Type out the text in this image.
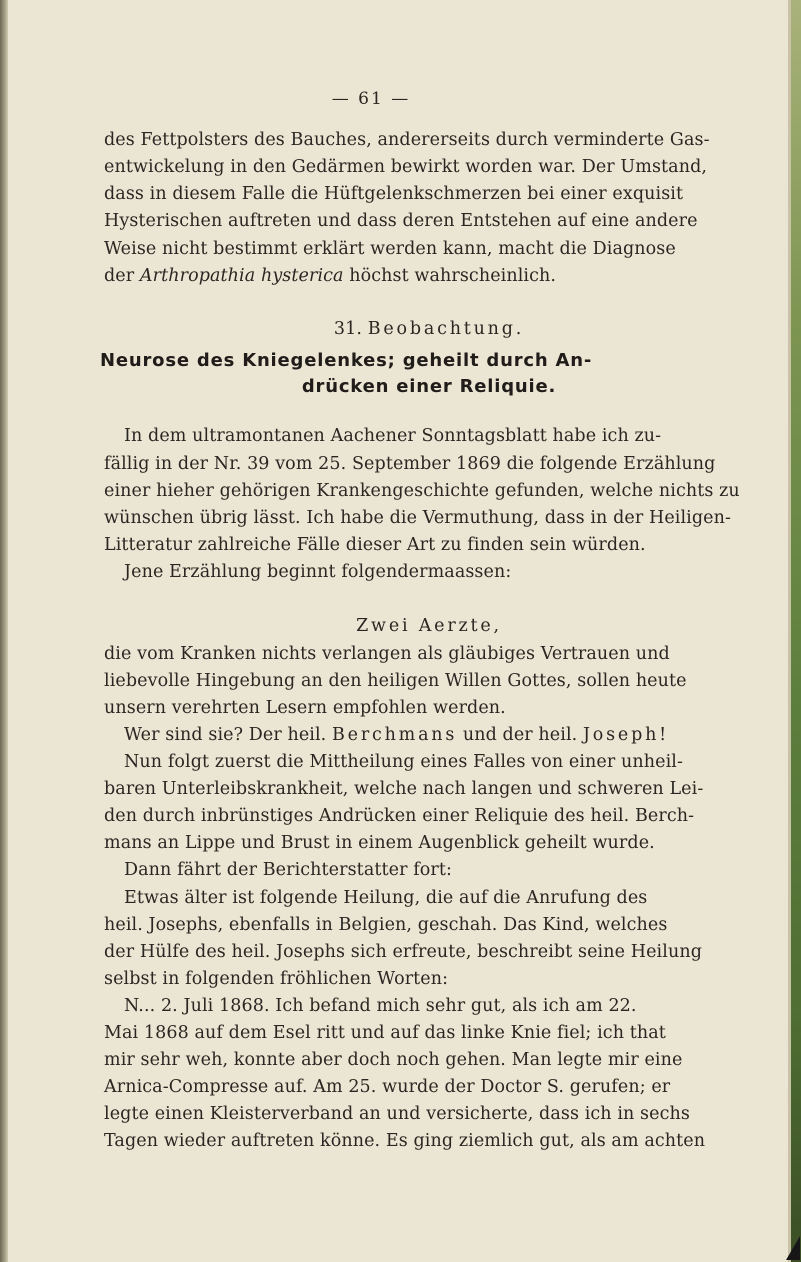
— 61 —
des Fettpolsters des Bauches, andererseits durch verminderte Gas-
entwickelung in den Gedärmen bewirkt worden war. Der Umstand,
dass in diesem Falle die Hüftgelenkschmerzen bei einer exquisit
Hysterischen auftreten und dass deren Entstehen auf eine andere
Weise nicht bestimmt erklärt werden kann, macht die Diagnose
der Arthropathia hysterica höchst wahrscheinlich.
31. Beobachtung.
Neurose des Kniegelenkes; geheilt durch An-
drücken einer Reliquie.
In dem ultramontanen Aachener Sonntagsblatt habe ich zu-
fällig in der Nr. 39 vom 25. September 1869 die folgende Erzählung
einer hieher gehörigen Krankengeschichte gefunden, welche nichts zu
wünschen übrig lässt. Ich habe die Vermuthung, dass in der Heiligen-
Litteratur zahlreiche Fälle dieser Art zu finden sein würden.
Jene Erzählung beginnt folgendermaassen:
Zwei Aerzte,
die vom Kranken nichts verlangen als gläubiges Vertrauen und
liebevolle Hingebung an den heiligen Willen Gottes, sollen heute
unsern verehrten Lesern empfohlen werden.
Wer sind sie? Der heil. Berchmans und der heil. Joseph!
Nun folgt zuerst die Mittheilung eines Falles von einer unheil-
baren Unterleibskrankheit, welche nach langen und schweren Lei-
den durch inbrünstiges Andrücken einer Reliquie des heil. Berch-
mans an Lippe und Brust in einem Augenblick geheilt wurde.
Dann fährt der Berichterstatter fort:
Etwas älter ist folgende Heilung, die auf die Anrufung des
heil. Josephs, ebenfalls in Belgien, geschah. Das Kind, welches
der Hülfe des heil. Josephs sich erfreute, beschreibt seine Heilung
selbst in folgenden fröhlichen Worten:
N... 2. Juli 1868. Ich befand mich sehr gut, als ich am 22.
Mai 1868 auf dem Esel ritt und auf das linke Knie fiel; ich that
mir sehr weh, konnte aber doch noch gehen. Man legte mir eine
Arnica-Compresse auf. Am 25. wurde der Doctor S. gerufen; er
legte einen Kleisterverband an und versicherte, dass ich in sechs
Tagen wieder auftreten könne. Es ging ziemlich gut, als am achten
